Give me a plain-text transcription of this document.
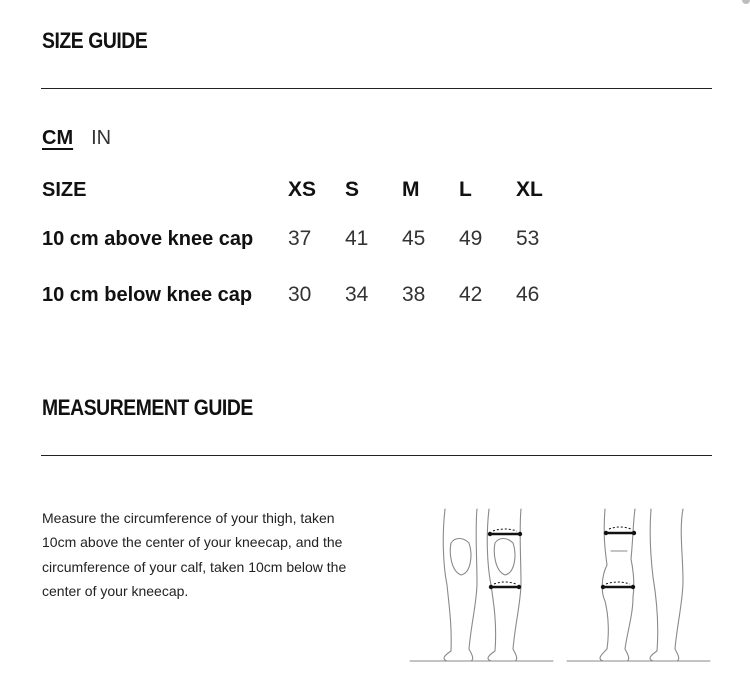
SIZE GUIDE
CM IN
SIZE	XS	S	M	L	XL
10 cm above knee cap	37	41	45	49	53
10 cm below knee cap	30	34	38	42	46
MEASUREMENT GUIDE

Measure the circumference of your thigh, taken 10cm above the center of your kneecap, and the circumference of your calf, taken 10cm below the center of your kneecap.
